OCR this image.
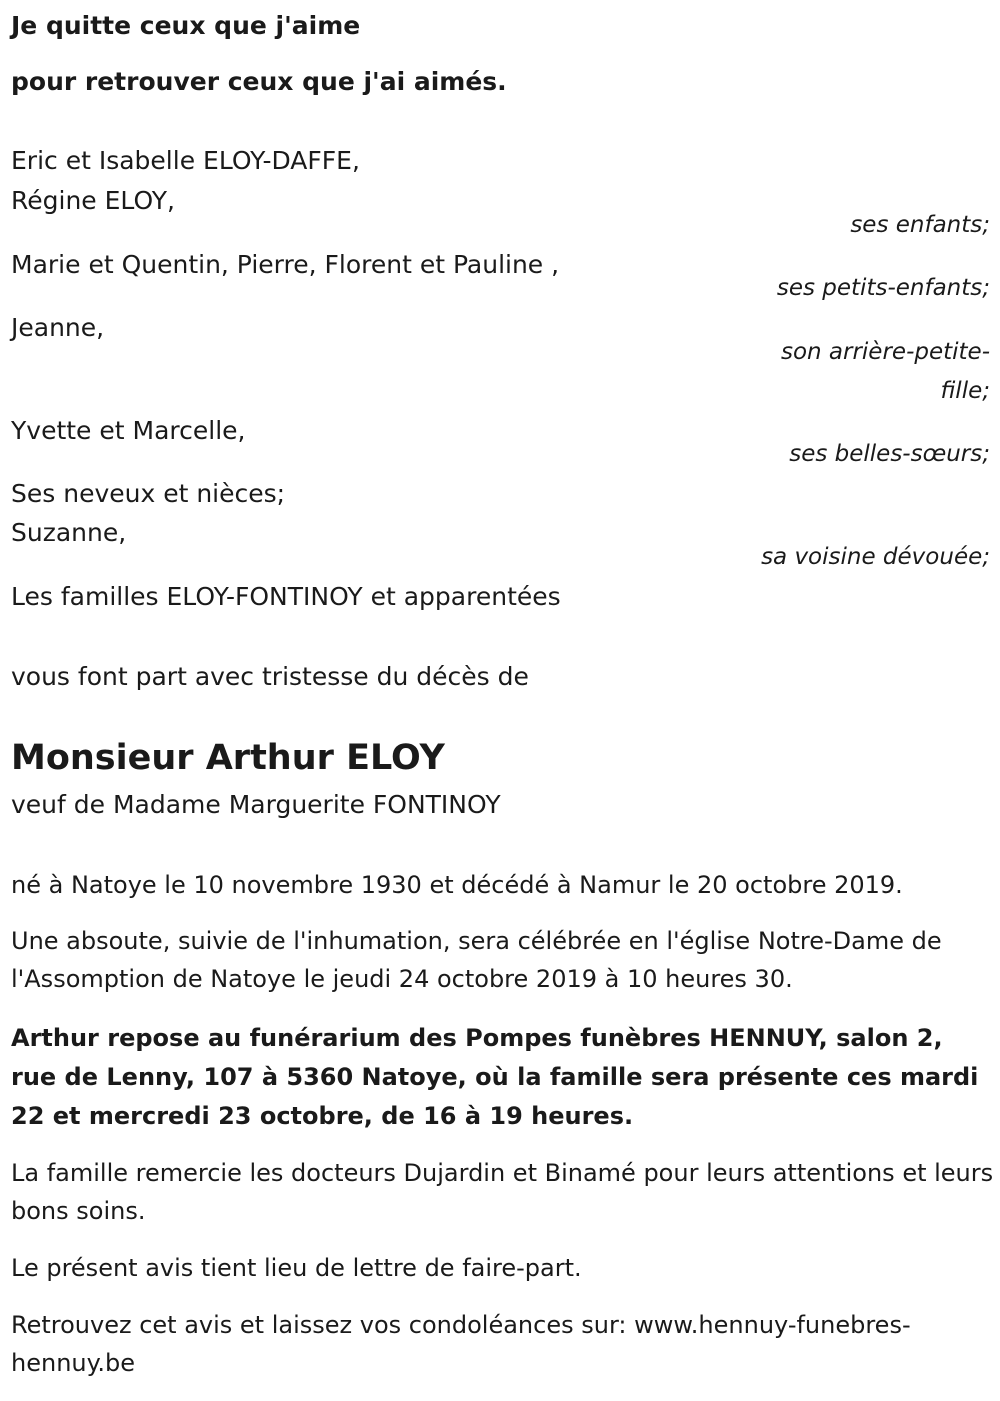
Je quitte ceux que j'aime
pour retrouver ceux que j'ai aimés.
Eric et Isabelle ELOY-DAFFE,
Régine ELOY,
ses enfants;
Marie et Quentin, Pierre, Florent et Pauline ,
ses petits-enfants;
Jeanne,
son arrière-petite-
fille;
Yvette et Marcelle,
ses belles-sœurs;
Ses neveux et nièces;
Suzanne,
sa voisine dévouée;
Les familles ELOY-FONTINOY et apparentées
vous font part avec tristesse du décès de
Monsieur Arthur ELOY
veuf de Madame Marguerite FONTINOY

né à Natoye le 10 novembre 1930 et décédé à Namur le 20 octobre 2019.

Une absoute, suivie de l'inhumation, sera célébrée en l'église Notre-Dame de l'Assomption de Natoye le jeudi 24 octobre 2019 à 10 heures 30.

Arthur repose au funérarium des Pompes funèbres HENNUY, salon 2, rue de Lenny, 107 à 5360 Natoye, où la famille sera présente ces mardi 22 et mercredi 23 octobre, de 16 à 19 heures.

La famille remercie les docteurs Dujardin et Binamé pour leurs attentions et leurs bons soins.

Le présent avis tient lieu de lettre de faire-part.

Retrouvez cet avis et laissez vos condoléances sur: www.hennuy-funebres-hennuy.be
